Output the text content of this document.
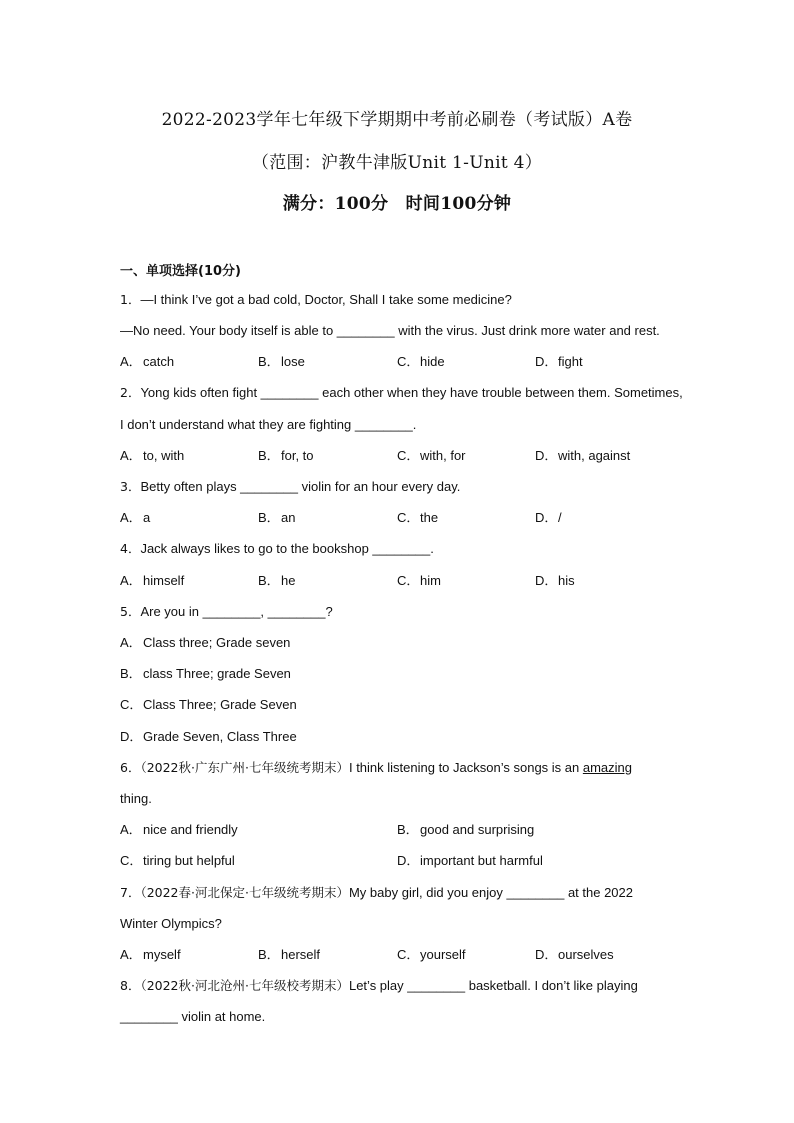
2022-2023学年七年级下学期期中考前必刷卷（考试版）A卷
（范围：沪教牛津版Unit 1-Unit 4）
满分：100分　时间100分钟
一、单项选择(10分)
1．—I think I’ve got a bad cold, Doctor, Shall I take some medicine?
—No need. Your body itself is able to ________ with the virus. Just drink more water and rest.
A．catch	B．lose	C．hide	D．fight
2．Yong kids often fight ________ each other when they have trouble between them. Sometimes,
I don’t understand what they are fighting ________.
A．to, with	B．for, to	C．with, for	D．with, against
3．Betty often plays ________ violin for an hour every day.
A．a	B．an	C．the	D．/
4．Jack always likes to go to the bookshop ________.
A．himself	B．he	C．him	D．his
5．Are you in ________, ________?
A．Class three; Grade seven
B．class Three; grade Seven
C．Class Three; Grade Seven
D．Grade Seven, Class Three
6．（2022秋·广东广州·七年级统考期末）I think listening to Jackson’s songs is an amazing
thing.
A．nice and friendly	B．good and surprising
C．tiring but helpful	D．important but harmful
7．（2022春·河北保定·七年级统考期末）My baby girl, did you enjoy ________ at the 2022
Winter Olympics?
A．myself	B．herself	C．yourself	D．ourselves
8．（2022秋·河北沧州·七年级校考期末）Let’s play ________ basketball. I don’t like playing
________ violin at home.
